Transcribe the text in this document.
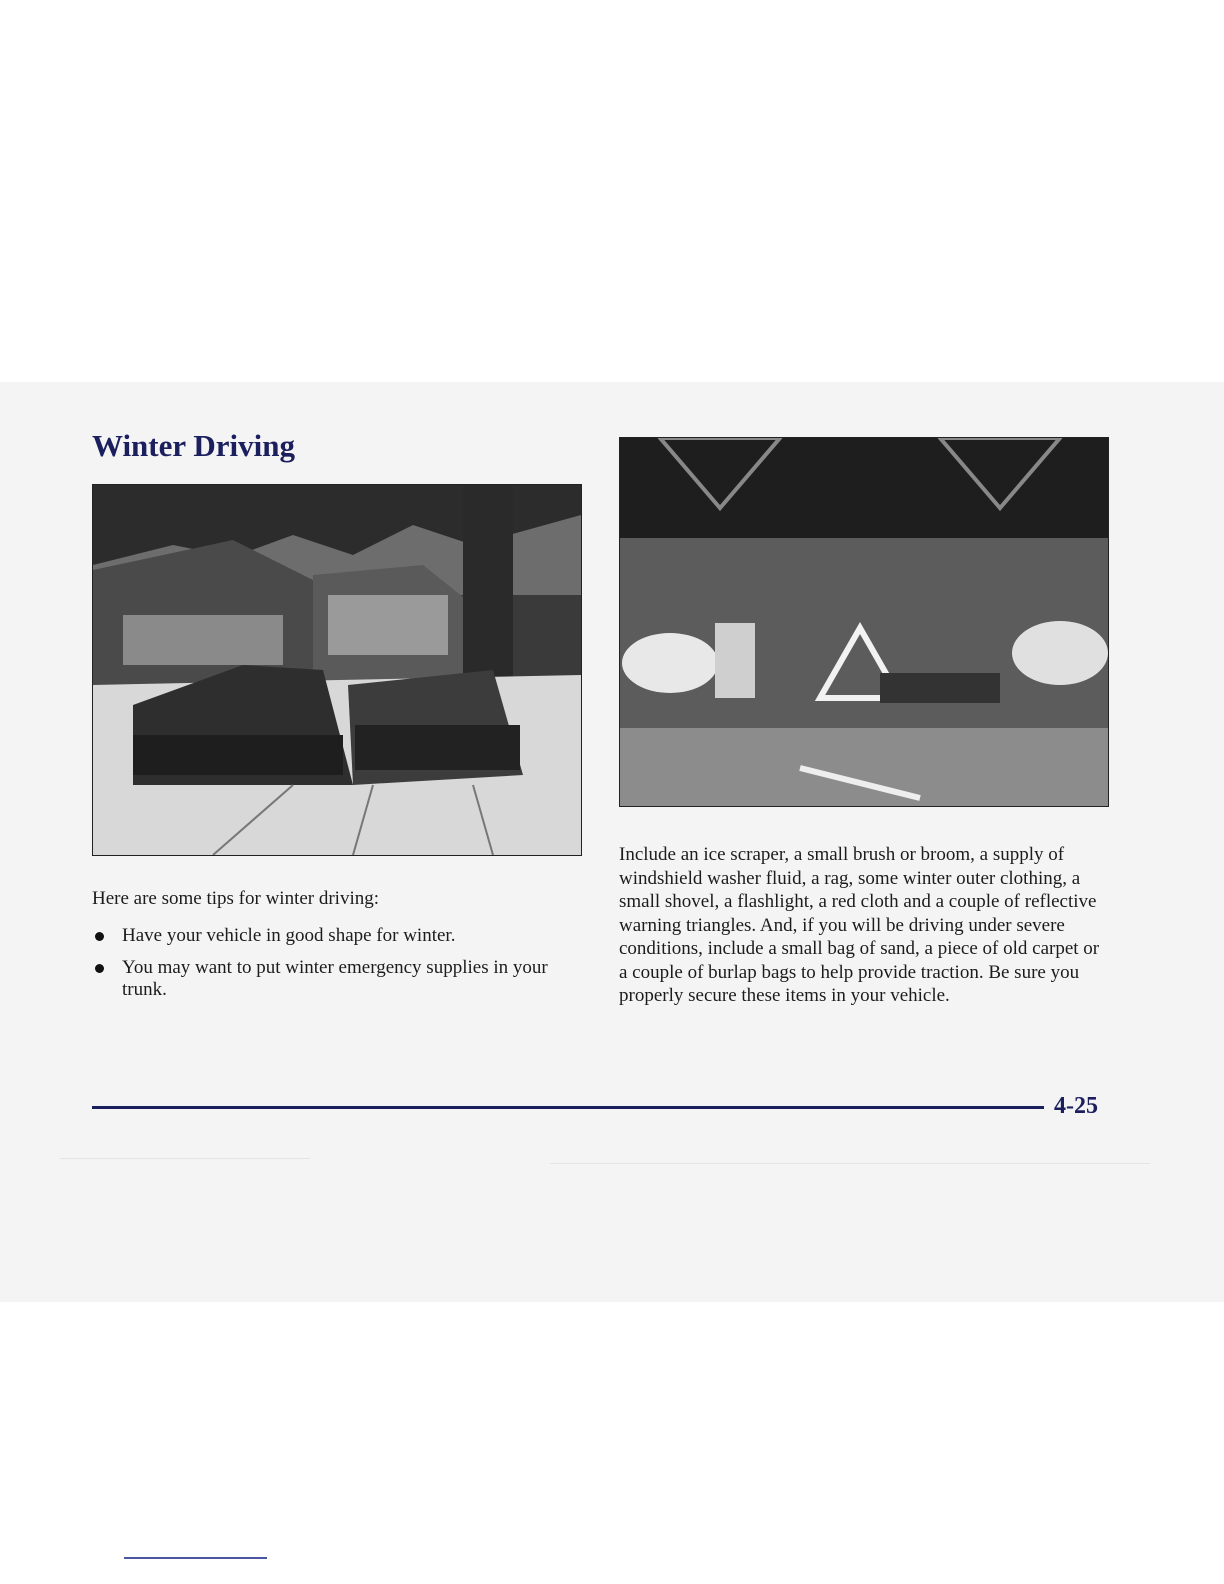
Winter Driving

Here are some tips for winter driving:

Have your vehicle in good shape for winter.
You may want to put winter emergency supplies in your trunk.

Include an ice scraper, a small brush or broom, a supply of windshield washer fluid, a rag, some winter outer clothing, a small shovel, a flashlight, a red cloth and a couple of reflective warning triangles. And, if you will be driving under severe conditions, include a small bag of sand, a piece of old carpet or a couple of burlap bags to help provide traction. Be sure you properly secure these items in your vehicle.

4-25
